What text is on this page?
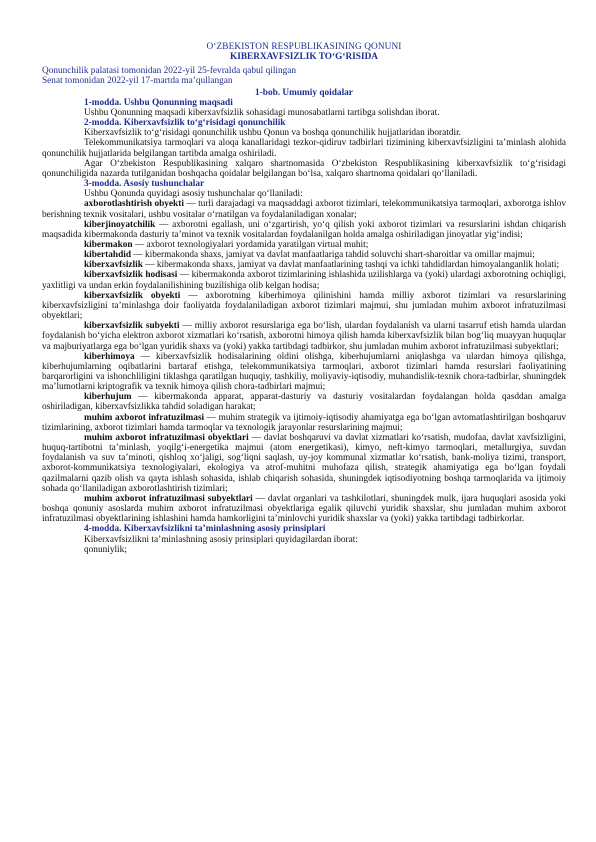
O‘ZBEKISTON RESPUBLIKASINING QONUNI
KIBERXAVFSIZLIK TO‘G‘RISIDA
Qonunchilik palatasi tomonidan 2022-yil 25-fevralda qabul qilingan
Senat tomonidan 2022-yil 17-martda ma’qullangan
1-bob. Umumiy qoidalar
1-modda. Ushbu Qonunning maqsadi

Ushbu Qonunning maqsadi kiberxavfsizlik sohasidagi munosabatlarni tartibga solishdan iborat.

2-modda. Kiberxavfsizlik to‘g‘risidagi qonunchilik

Kiberxavfsizlik to‘g‘risidagi qonunchilik ushbu Qonun va boshqa qonunchilik hujjatlaridan iboratdir.

Telekommunikatsiya tarmoqlari va aloqa kanallaridagi tezkor-qidiruv tadbirlari tizimining kiberxavfsizligini ta’minlash alohida qonunchilik hujjatlarida belgilangan tartibda amalga oshiriladi.

Agar O‘zbekiston Respublikasining xalqaro shartnomasida O‘zbekiston Respublikasining kiberxavfsizlik to‘g‘risidagi qonunchiligida nazarda tutilganidan boshqacha qoidalar belgilangan bo‘lsa, xalqaro shartnoma qoidalari qo‘llaniladi.

3-modda. Asosiy tushunchalar

Ushbu Qonunda quyidagi asosiy tushunchalar qo‘llaniladi:

axborotlashtirish obyekti — turli darajadagi va maqsaddagi axborot tizimlari, telekommunikatsiya tarmoqlari, axborotga ishlov berishning texnik vositalari, ushbu vositalar o‘rnatilgan va foydalaniladigan xonalar;

kiberjinoyatchilik — axborotni egallash, uni o‘zgartirish, yo‘q qilish yoki axborot tizimlari va resurslarini ishdan chiqarish maqsadida kibermakonda dasturiy ta’minot va texnik vositalardan foydalanilgan holda amalga oshiriladigan jinoyatlar yig‘indisi;

kibermakon — axborot texnologiyalari yordamida yaratilgan virtual muhit;

kibertahdid — kibermakonda shaxs, jamiyat va davlat manfaatlariga tahdid soluvchi shart-sharoitlar va omillar majmui;

kiberxavfsizlik — kibermakonda shaxs, jamiyat va davlat manfaatlarining tashqi va ichki tahdidlardan himoyalanganlik holati;

kiberxavfsizlik hodisasi — kibermakonda axborot tizimlarining ishlashida uzilishlarga va (yoki) ulardagi axborotning ochiqligi, yaxlitligi va undan erkin foydalanilishining buzilishiga olib kelgan hodisa;

kiberxavfsizlik obyekti — axborotning kiberhimoya qilinishini hamda milliy axborot tizimlari va resurslarining kiberxavfsizligini ta’minlashga doir faoliyatda foydalaniladigan axborot tizimlari majmui, shu jumladan muhim axborot infratuzilmasi obyektlari;

kiberxavfsizlik subyekti — milliy axborot resurslariga ega bo‘lish, ulardan foydalanish va ularni tasarruf etish hamda ulardan foydalanish bo‘yicha elektron axborot xizmatlari ko‘rsatish, axborotni himoya qilish hamda kiberxavfsizlik bilan bog‘liq muayyan huquqlar va majburiyatlarga ega bo‘lgan yuridik shaxs va (yoki) yakka tartibdagi tadbirkor, shu jumladan muhim axborot infratuzilmasi subyektlari;

kiberhimoya — kiberxavfsizlik hodisalarining oldini olishga, kiberhujumlarni aniqlashga va ulardan himoya qilishga, kiberhujumlarning oqibatlarini bartaraf etishga, telekommunikatsiya tarmoqlari, axborot tizimlari hamda resurslari faoliyatining barqarorligini va ishonchliligini tiklashga qaratilgan huquqiy, tashkiliy, moliyaviy-iqtisodiy, muhandislik-texnik chora-tadbirlar, shuningdek ma’lumotlarni kriptografik va texnik himoya qilish chora-tadbirlari majmui;

kiberhujum — kibermakonda apparat, apparat-dasturiy va dasturiy vositalardan foydalangan holda qasddan amalga oshiriladigan, kiberxavfsizlikka tahdid soladigan harakat;

muhim axborot infratuzilmasi — muhim strategik va ijtimoiy-iqtisodiy ahamiyatga ega bo‘lgan avtomatlashtirilgan boshqaruv tizimlarining, axborot tizimlari hamda tarmoqlar va texnologik jarayonlar resurslarining majmui;

muhim axborot infratuzilmasi obyektlari — davlat boshqaruvi va davlat xizmatlari ko‘rsatish, mudofaa, davlat xavfsizligini, huquq-tartibotni ta’minlash, yoqilg‘i-energetika majmui (atom energetikasi), kimyo, neft-kimyo tarmoqlari, metallurgiya, suvdan foydalanish va suv ta’minoti, qishloq xo‘jaligi, sog‘liqni saqlash, uy-joy kommunal xizmatlar ko‘rsatish, bank-moliya tizimi, transport, axborot-kommunikatsiya texnologiyalari, ekologiya va atrof-muhitni muhofaza qilish, strategik ahamiyatiga ega bo‘lgan foydali qazilmalarni qazib olish va qayta ishlash sohasida, ishlab chiqarish sohasida, shuningdek iqtisodiyotning boshqa tarmoqlarida va ijtimoiy sohada qo‘llaniladigan axborotlashtirish tizimlari;

muhim axborot infratuzilmasi subyektlari — davlat organlari va tashkilotlari, shuningdek mulk, ijara huquqlari asosida yoki boshqa qonuniy asoslarda muhim axborot infratuzilmasi obyektlariga egalik qiluvchi yuridik shaxslar, shu jumladan muhim axborot infratuzilmasi obyektlarining ishlashini hamda hamkorligini ta’minlovchi yuridik shaxslar va (yoki) yakka tartibdagi tadbirkorlar.

4-modda. Kiberxavfsizlikni ta’minlashning asosiy prinsiplari

Kiberxavfsizlikni ta’minlashning asosiy prinsiplari quyidagilardan iborat:

qonuniylik;
